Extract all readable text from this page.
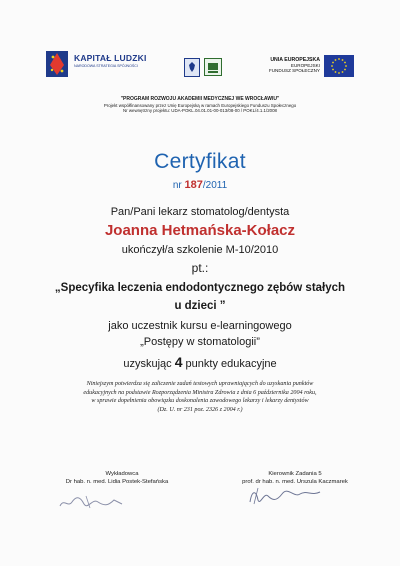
KAPITAŁ LUDZKI
NARODOWA STRATEGIA SPÓJNOŚCI
UNIA EUROPEJSKA
EUROPEJSKI
FUNDUSZ SPOŁECZNY
"PROGRAM ROZWOJU AKADEMII MEDYCZNEJ WE WROCŁAWIU"
Projekt współfinansowany przez Unię Europejską w ramach Europejskiego Funduszu Społecznego
Nr wewnętrzny projektu: UDA-POKL.04.01.01-00-013/08-00 / POKL/4.1.1/2008
Certyfikat
nr 187/2011
Pan/Pani lekarz stomatolog/dentysta
Joanna Hetmańska-Kołacz
ukończył/a szkolenie M-10/2010
pt.:
„Specyfika leczenia endodontycznego zębów stałych
u dzieci ”
jako uczestnik kursu e-learningowego
„Postępy w stomatologii”
uzyskując 4 punkty edukacyjne
Niniejszym potwierdza się zaliczenie zadań testowych uprawniających do uzyskania punktów
edukacyjnych na podstawie Rozporządzenia Ministra Zdrowia z dnia 6 października 2004 roku,
w sprawie dopełnienia obowiązku doskonalenia zawodowego lekarzy i lekarzy dentystów
(Dz. U. nr 231 poz. 2326 z 2004 r.)
Wykładowca
Dr hab. n. med. Lidia Postek-Stefańska
Kierownik Zadania 5
prof. dr hab. n. med. Urszula Kaczmarek
